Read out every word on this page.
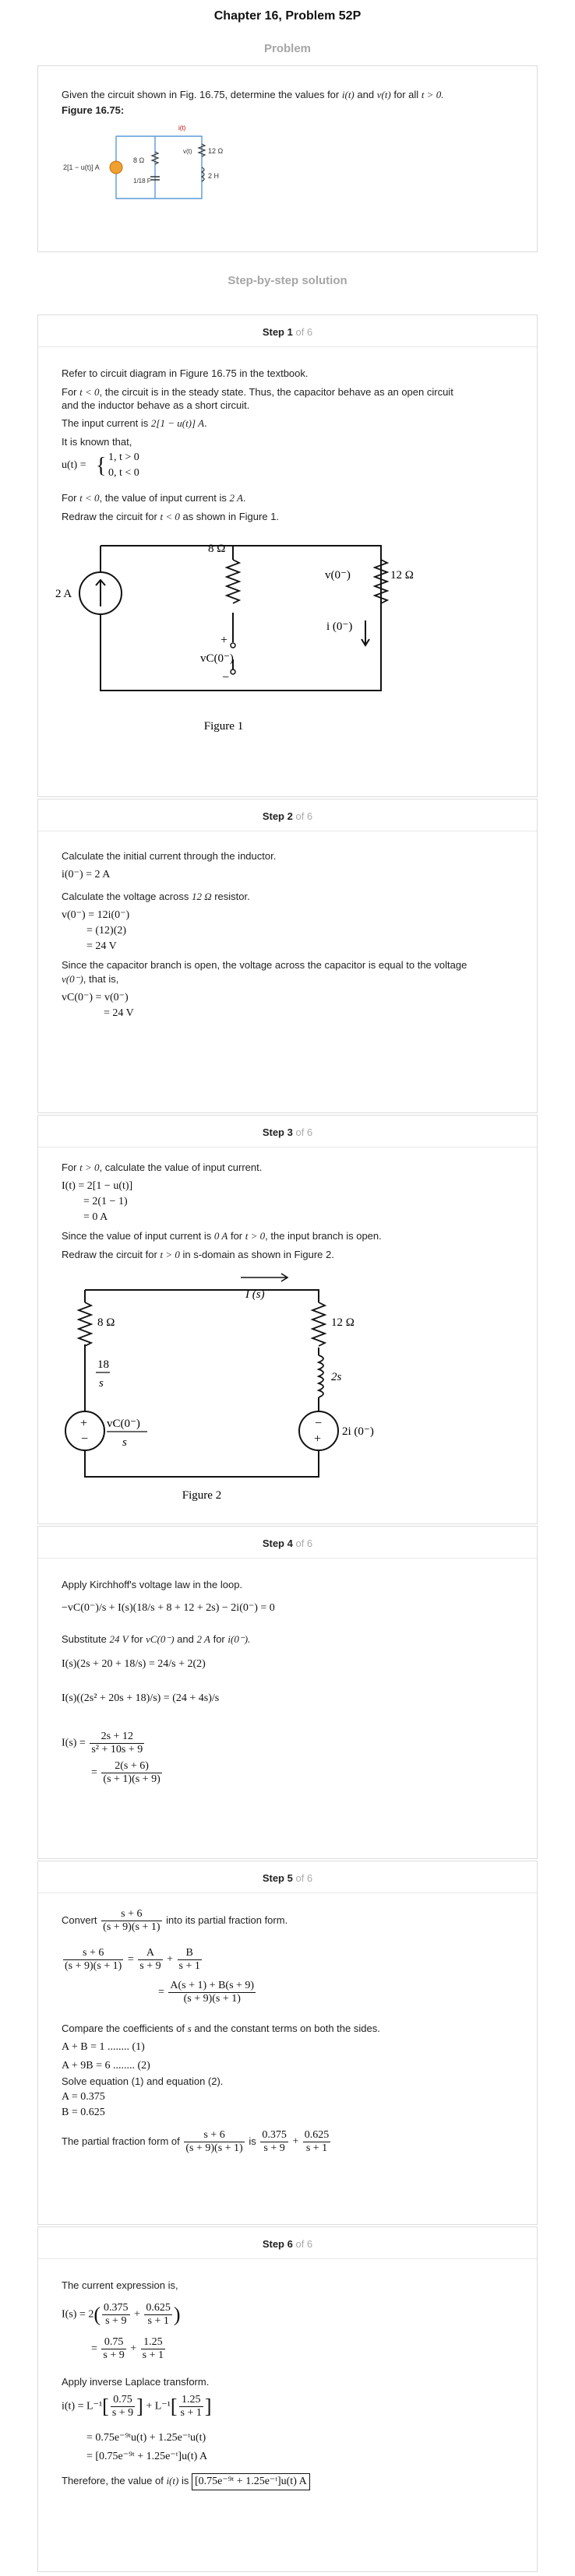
Chapter 16, Problem 52P
Problem
Given the circuit shown in Fig. 16.75, determine the values for i(t) and v(t) for all t > 0.
Figure 16.75:
2[1 − u(t)] A
8 Ω
12 Ω
2 H
1/18 F
i(t)
v(t)
Step-by-step solution
Step 1 of 6
Refer to circuit diagram in Figure 16.75 in the textbook.
For t < 0, the circuit is in the steady state. Thus, the capacitor behave as an open circuit
and the inductor behave as a short circuit.
The input current is 2[1 − u(t)] A.
It is known that,
u(t) = { 1, t > 0
0, t < 0
For t < 0, the value of input current is 2 A.
Redraw the circuit for t < 0 as shown in Figure 1.
2 A
8 Ω
+
vC(0⁻)
−
v(0⁻)	12 Ω
i (0⁻)
Figure 1
Step 2 of 6
Calculate the initial current through the inductor.
i(0⁻) = 2 A
Calculate the voltage across 12 Ω resistor.
v(0⁻) = 12i(0⁻)
= (12)(2)
= 24 V
Since the capacitor branch is open, the voltage across the capacitor is equal to the voltage
v(0⁻), that is,
vC(0⁻) = v(0⁻)
= 24 V
Step 3 of 6
For t > 0, calculate the value of input current.
I(t) = 2[1 − u(t)]
= 2(1 − 1)
= 0 A
Since the value of input current is 0 A for t > 0, the input branch is open.
Redraw the circuit for t > 0 in s-domain as shown in Figure 2.
I (s)
8 Ω
18
s
+
−
vC(0⁻)
s
12 Ω
2s
−
+
2i (0⁻)
Figure 2
Step 4 of 6
Apply Kirchhoff's voltage law in the loop.
−vC(0⁻)/s + I(s)(18/s + 8 + 12 + 2s) − 2i(0⁻) = 0
Substitute 24 V for vC(0⁻) and 2 A for i(0⁻).
I(s)(2s + 20 + 18/s) = 24/s + 2(2)
I(s)((2s² + 20s + 18)/s) = (24 + 4s)/s
$I(s) = \frac{2s + 12}{\text{s² + 10s + 9}}$
= $\frac{2(s + 6)}{(s + 1)(s + 9)}$
Step 5 of 6
Convert $\frac{s + 6}{(s + 9)(s + 1)}$ into its partial fraction form.
$\frac{s + 6}{(s + 9)(s + 1)} = \frac{A}{s + 9} + \frac{B}{s + 1}$
= $\frac{A(s + 1) + B(s + 9)}{(s + 9)(s + 1)}$
Compare the coefficients of s and the constant terms on both the sides.
A + B = 1 ........ (1)
A + 9B = 6 ........ (2)
Solve equation (1) and equation (2).
A = 0.375
B = 0.625
The partial fraction form of $\frac{s + 6}{(s + 9)(s + 1)}$ is $\frac{0.375}{s + 9} + \frac{0.625}{s + 1}$
Step 6 of 6
The current expression is,
$I(s) = 2( \frac{0.375}{s + 9} + \frac{0.625}{s + 1}$ )
= $\frac{0.75}{s + 9} + \frac{1.25}{s + 1}$
Apply inverse Laplace transform.
$i(t) = L^{-1}[ \frac{0.75}{s + 9}$ ] + $L^{-1}[ \frac{1.25}{s + 1}$ ]
= 0.75e⁻⁹ᵗu(t) + 1.25e⁻ᵗu(t)
= [0.75e⁻⁹ᵗ + 1.25e⁻ᵗ]u(t) A
Therefore, the value of i(t) is [0.75e⁻⁹ᵗ + 1.25e⁻ᵗ]u(t) A
